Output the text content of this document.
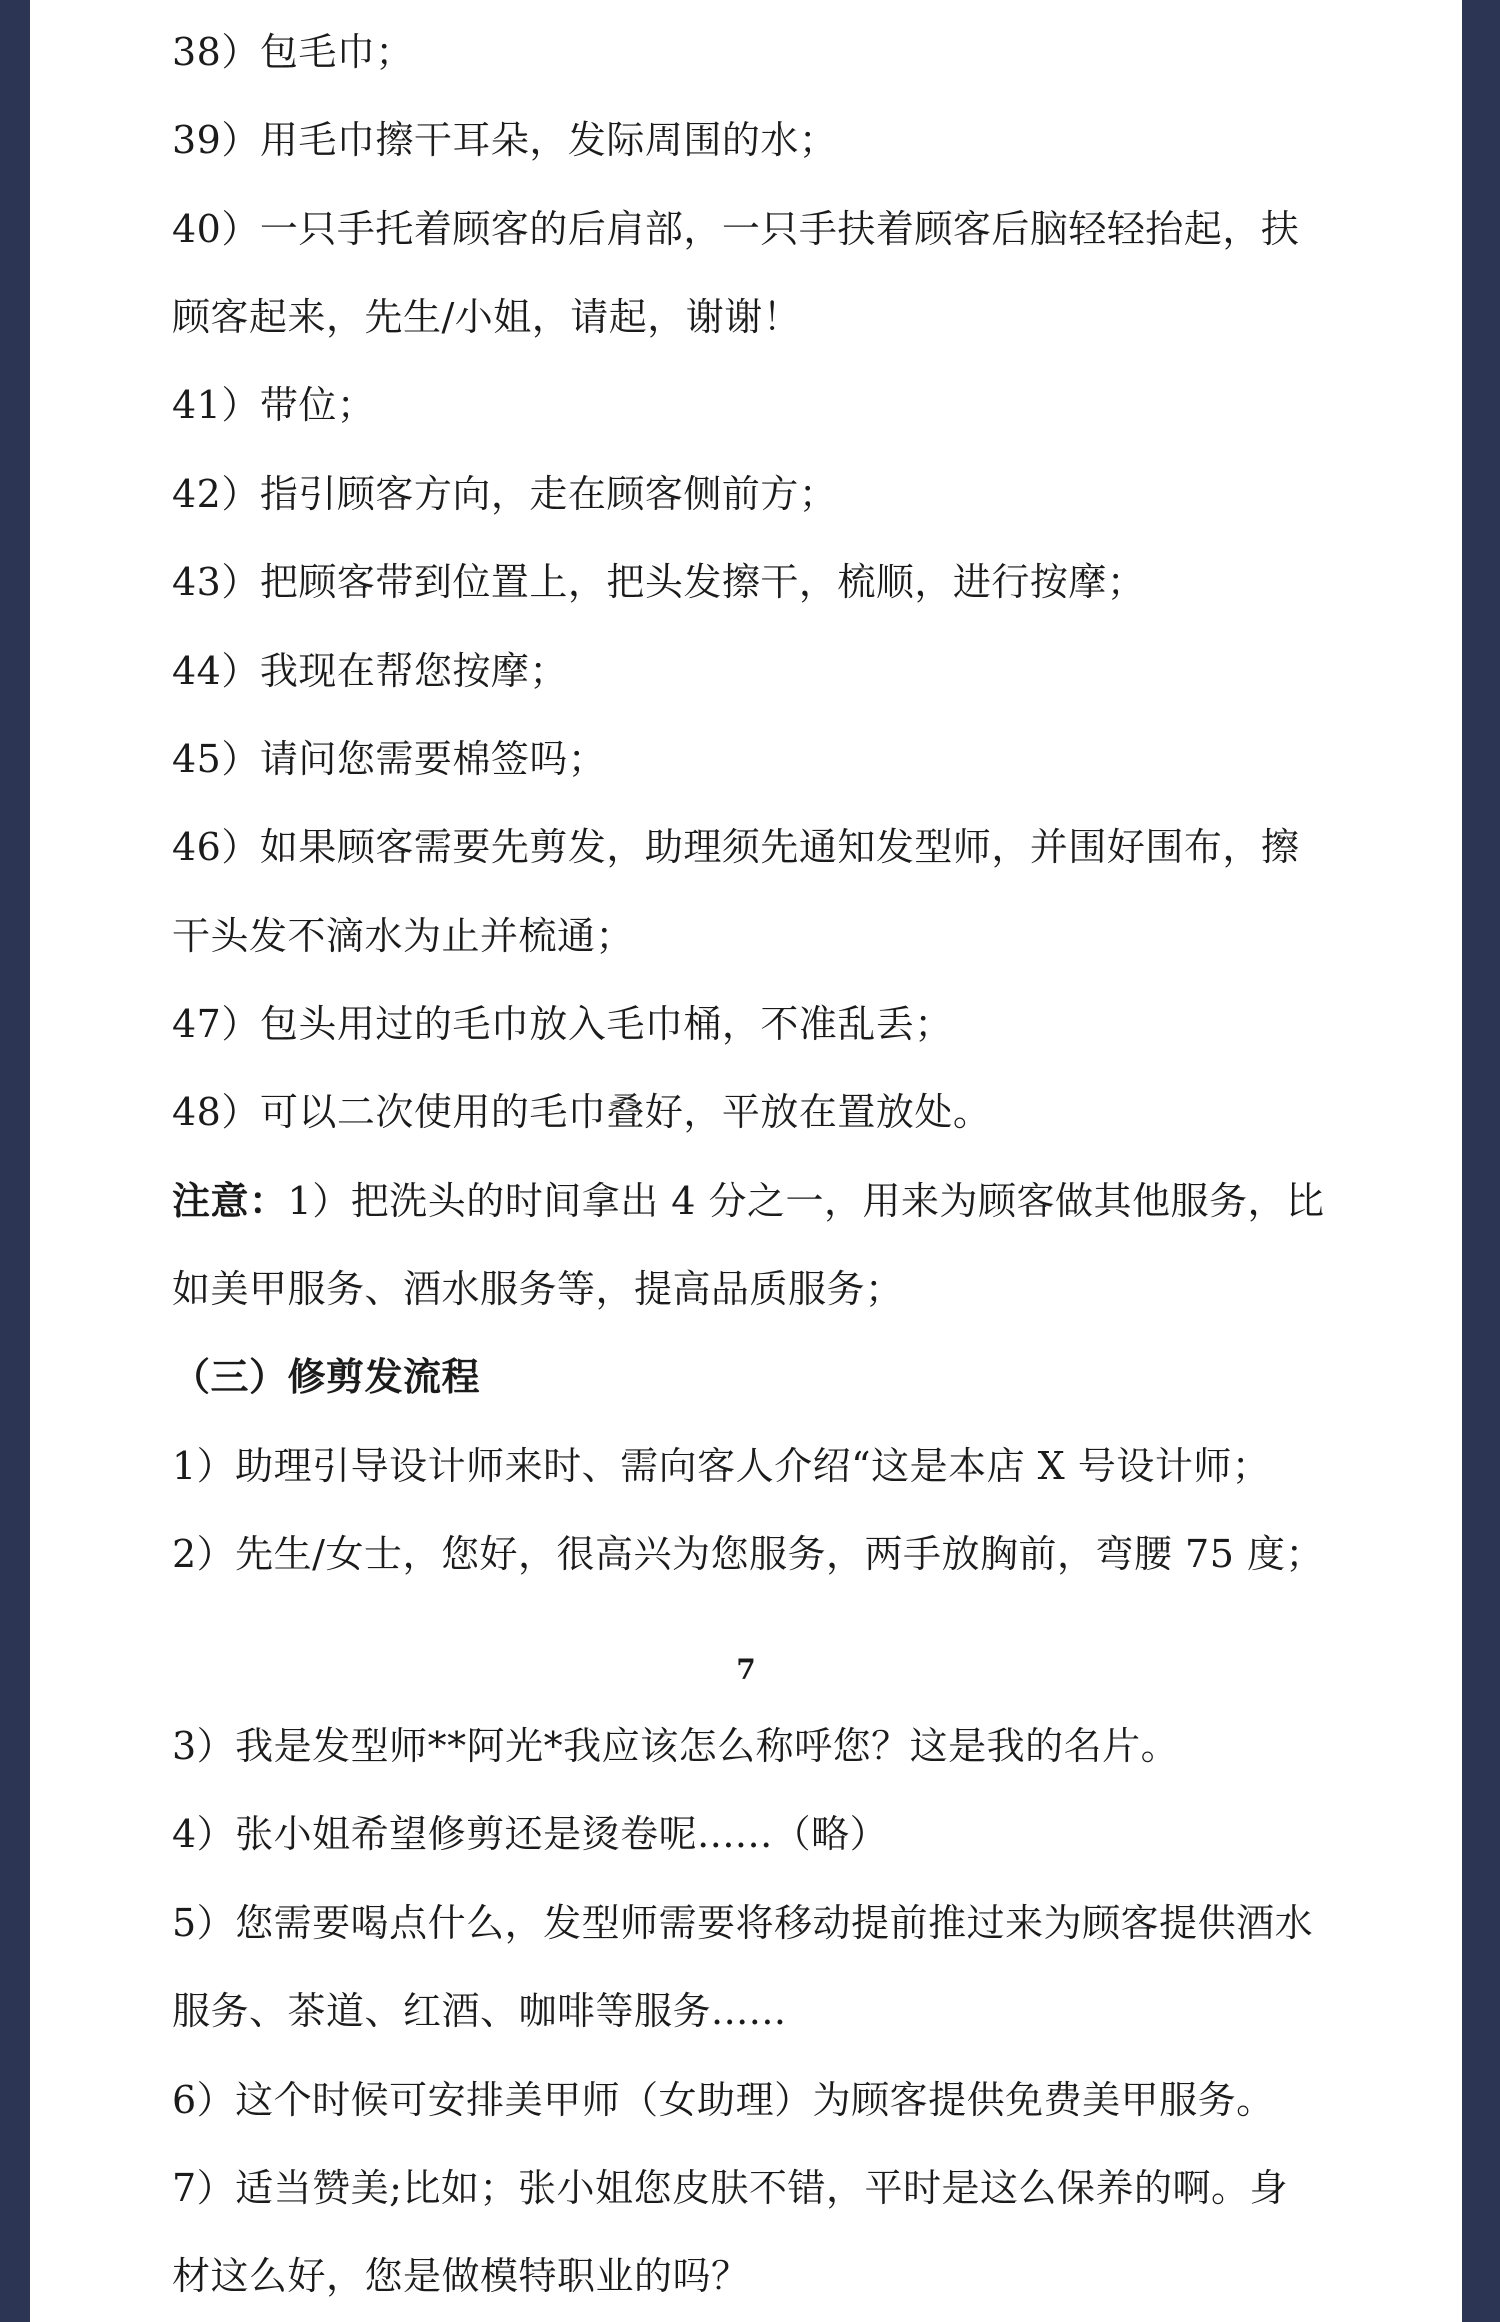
38）包毛巾；
39）用毛巾擦干耳朵，发际周围的水；
40）一只手托着顾客的后肩部，一只手扶着顾客后脑轻轻抬起，扶
顾客起来，先生/小姐，请起，谢谢！
41）带位；
42）指引顾客方向，走在顾客侧前方；
43）把顾客带到位置上，把头发擦干，梳顺，进行按摩；
44）我现在帮您按摩；
45）请问您需要棉签吗；
46）如果顾客需要先剪发，助理须先通知发型师，并围好围布，擦
干头发不滴水为止并梳通；
47）包头用过的毛巾放入毛巾桶，不准乱丢；
48）可以二次使用的毛巾叠好，平放在置放处。
注意：1）把洗头的时间拿出 4 分之一，用来为顾客做其他服务，比
如美甲服务、酒水服务等，提高品质服务；
（三）修剪发流程
1）助理引导设计师来时、需向客人介绍“这是本店 X 号设计师；
2）先生/女士，您好，很高兴为您服务，两手放胸前，弯腰 75 度；
7
3）我是发型师**阿光*我应该怎么称呼您？这是我的名片。
4）张小姐希望修剪还是烫卷呢......（略）
5）您需要喝点什么，发型师需要将移动提前推过来为顾客提供酒水
服务、茶道、红酒、咖啡等服务......
6）这个时候可安排美甲师（女助理）为顾客提供免费美甲服务。
7）适当赞美;比如；张小姐您皮肤不错，平时是这么保养的啊。身
材这么好，您是做模特职业的吗？
